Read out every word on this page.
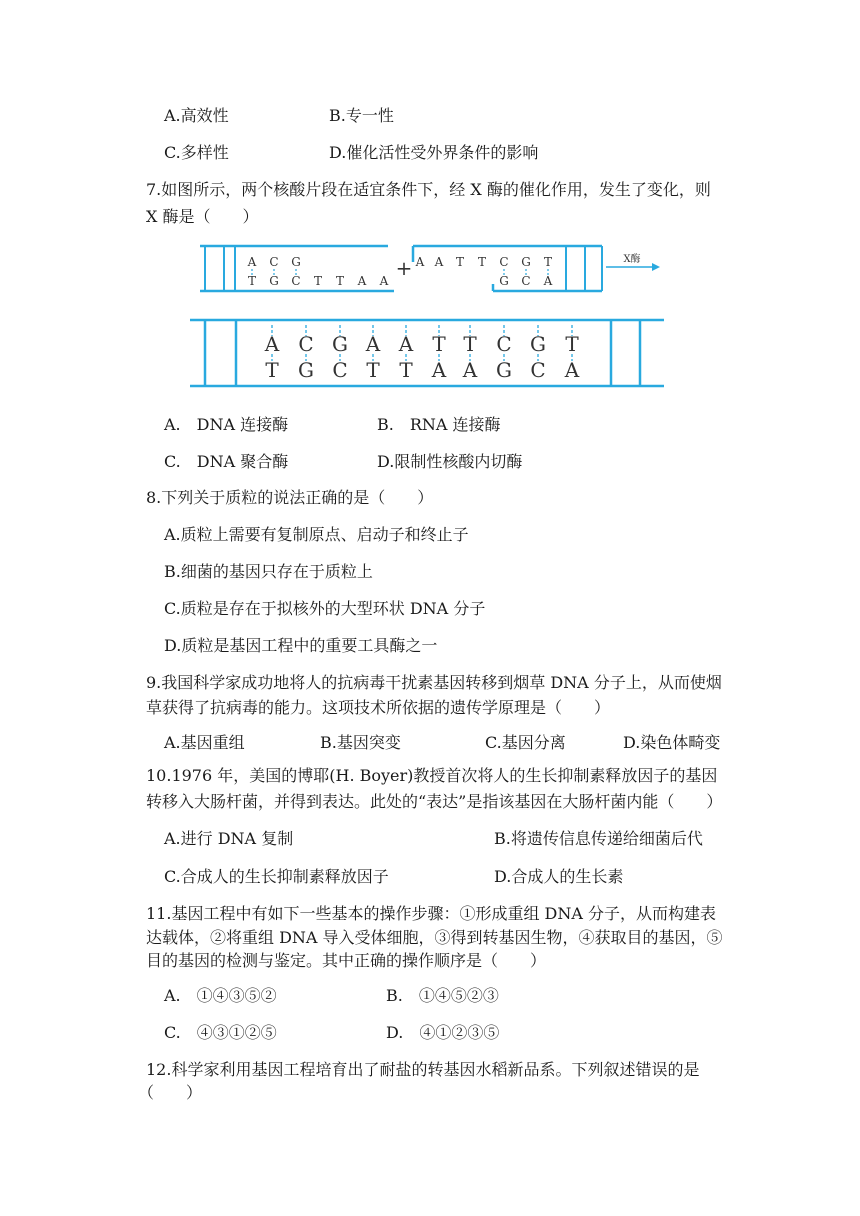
A.高效性	B.专一性
C.多样性	D.催化活性受外界条件的影响
7.如图所示，两个核酸片段在适宜条件下，经 X 酶的催化作用，发生了变化，则
X 酶是（　　）
A C G
T G C T T A A
+ A A T T C G T
G C A
X酶
A C G A A T T C G T
T G C T T A A G C A
A.　DNA 连接酶	B.　RNA 连接酶
C.　DNA 聚合酶	D.限制性核酸内切酶
8.下列关于质粒的说法正确的是（　　）
A.质粒上需要有复制原点、启动子和终止子
B.细菌的基因只存在于质粒上
C.质粒是存在于拟核外的大型环状 DNA 分子
D.质粒是基因工程中的重要工具酶之一
9.我国科学家成功地将人的抗病毒干扰素基因转移到烟草 DNA 分子上，从而使烟
草获得了抗病毒的能力。这项技术所依据的遗传学原理是（　　）
A.基因重组	B.基因突变	C.基因分离	D.染色体畸变
10.1976 年，美国的博耶(H. Boyer)教授首次将人的生长抑制素释放因子的基因
转移入大肠杆菌，并得到表达。此处的“表达”是指该基因在大肠杆菌内能（　　）
A.进行 DNA 复制	B.将遗传信息传递给细菌后代
C.合成人的生长抑制素释放因子	D.合成人的生长素
11.基因工程中有如下一些基本的操作步骤：①形成重组 DNA 分子，从而构建表
达载体，②将重组 DNA 导入受体细胞，③得到转基因生物，④获取目的基因，⑤
目的基因的检测与鉴定。其中正确的操作顺序是（　　）
A.　①④③⑤②	B.　①④⑤②③
C.　④③①②⑤	D.　④①②③⑤
12.科学家利用基因工程培育出了耐盐的转基因水稻新品系。下列叙述错误的是
（　　）
